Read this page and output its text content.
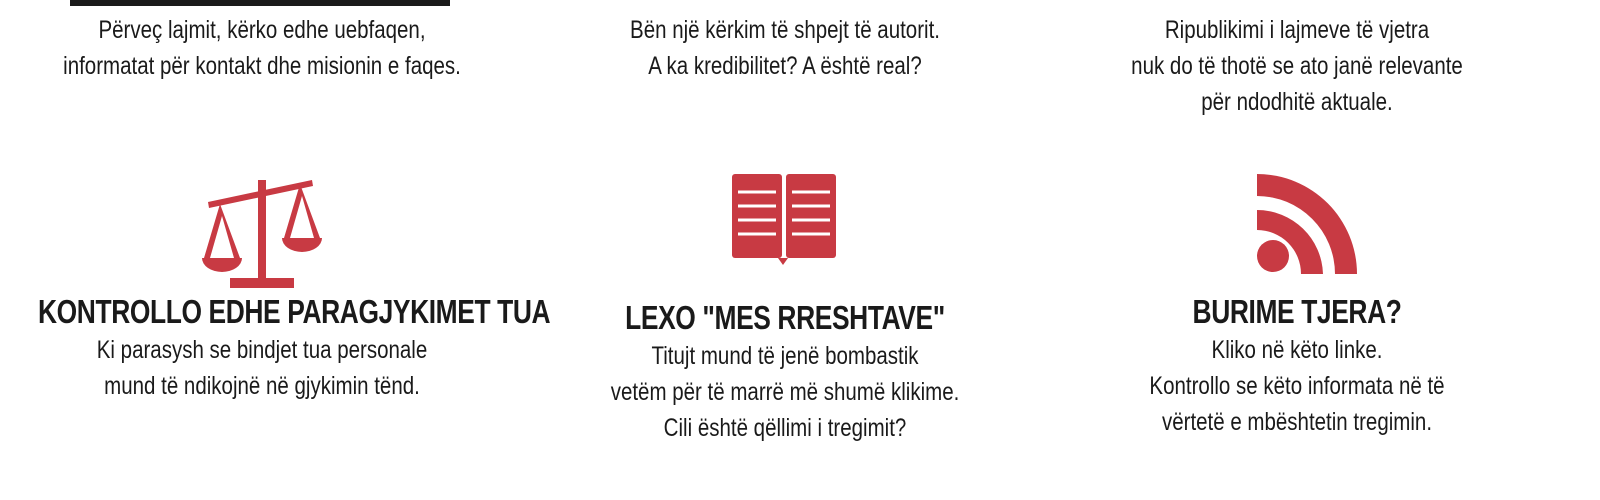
Përveç lajmit, kërko edhe uebfaqen,
informatat për kontakt dhe misionin e faqes.
Bën një kërkim të shpejt të autorit.
A ka kredibilitet? A është real?
Ripublikimi i lajmeve të vjetra
nuk do të thotë se ato janë relevante
për ndodhitë aktuale.
KONTROLLO EDHE PARAGJYKIMET TUA
Ki parasysh se bindjet tua personale
mund të ndikojnë në gjykimin tënd.
LEXO "MES RRESHTAVE"
Titujt mund të jenë bombastik
vetëm për të marrë më shumë klikime.
Cili është qëllimi i tregimit?
BURIME TJERA?
Kliko në këto linke.
Kontrollo se këto informata në të
vërtetë e mbështetin tregimin.
